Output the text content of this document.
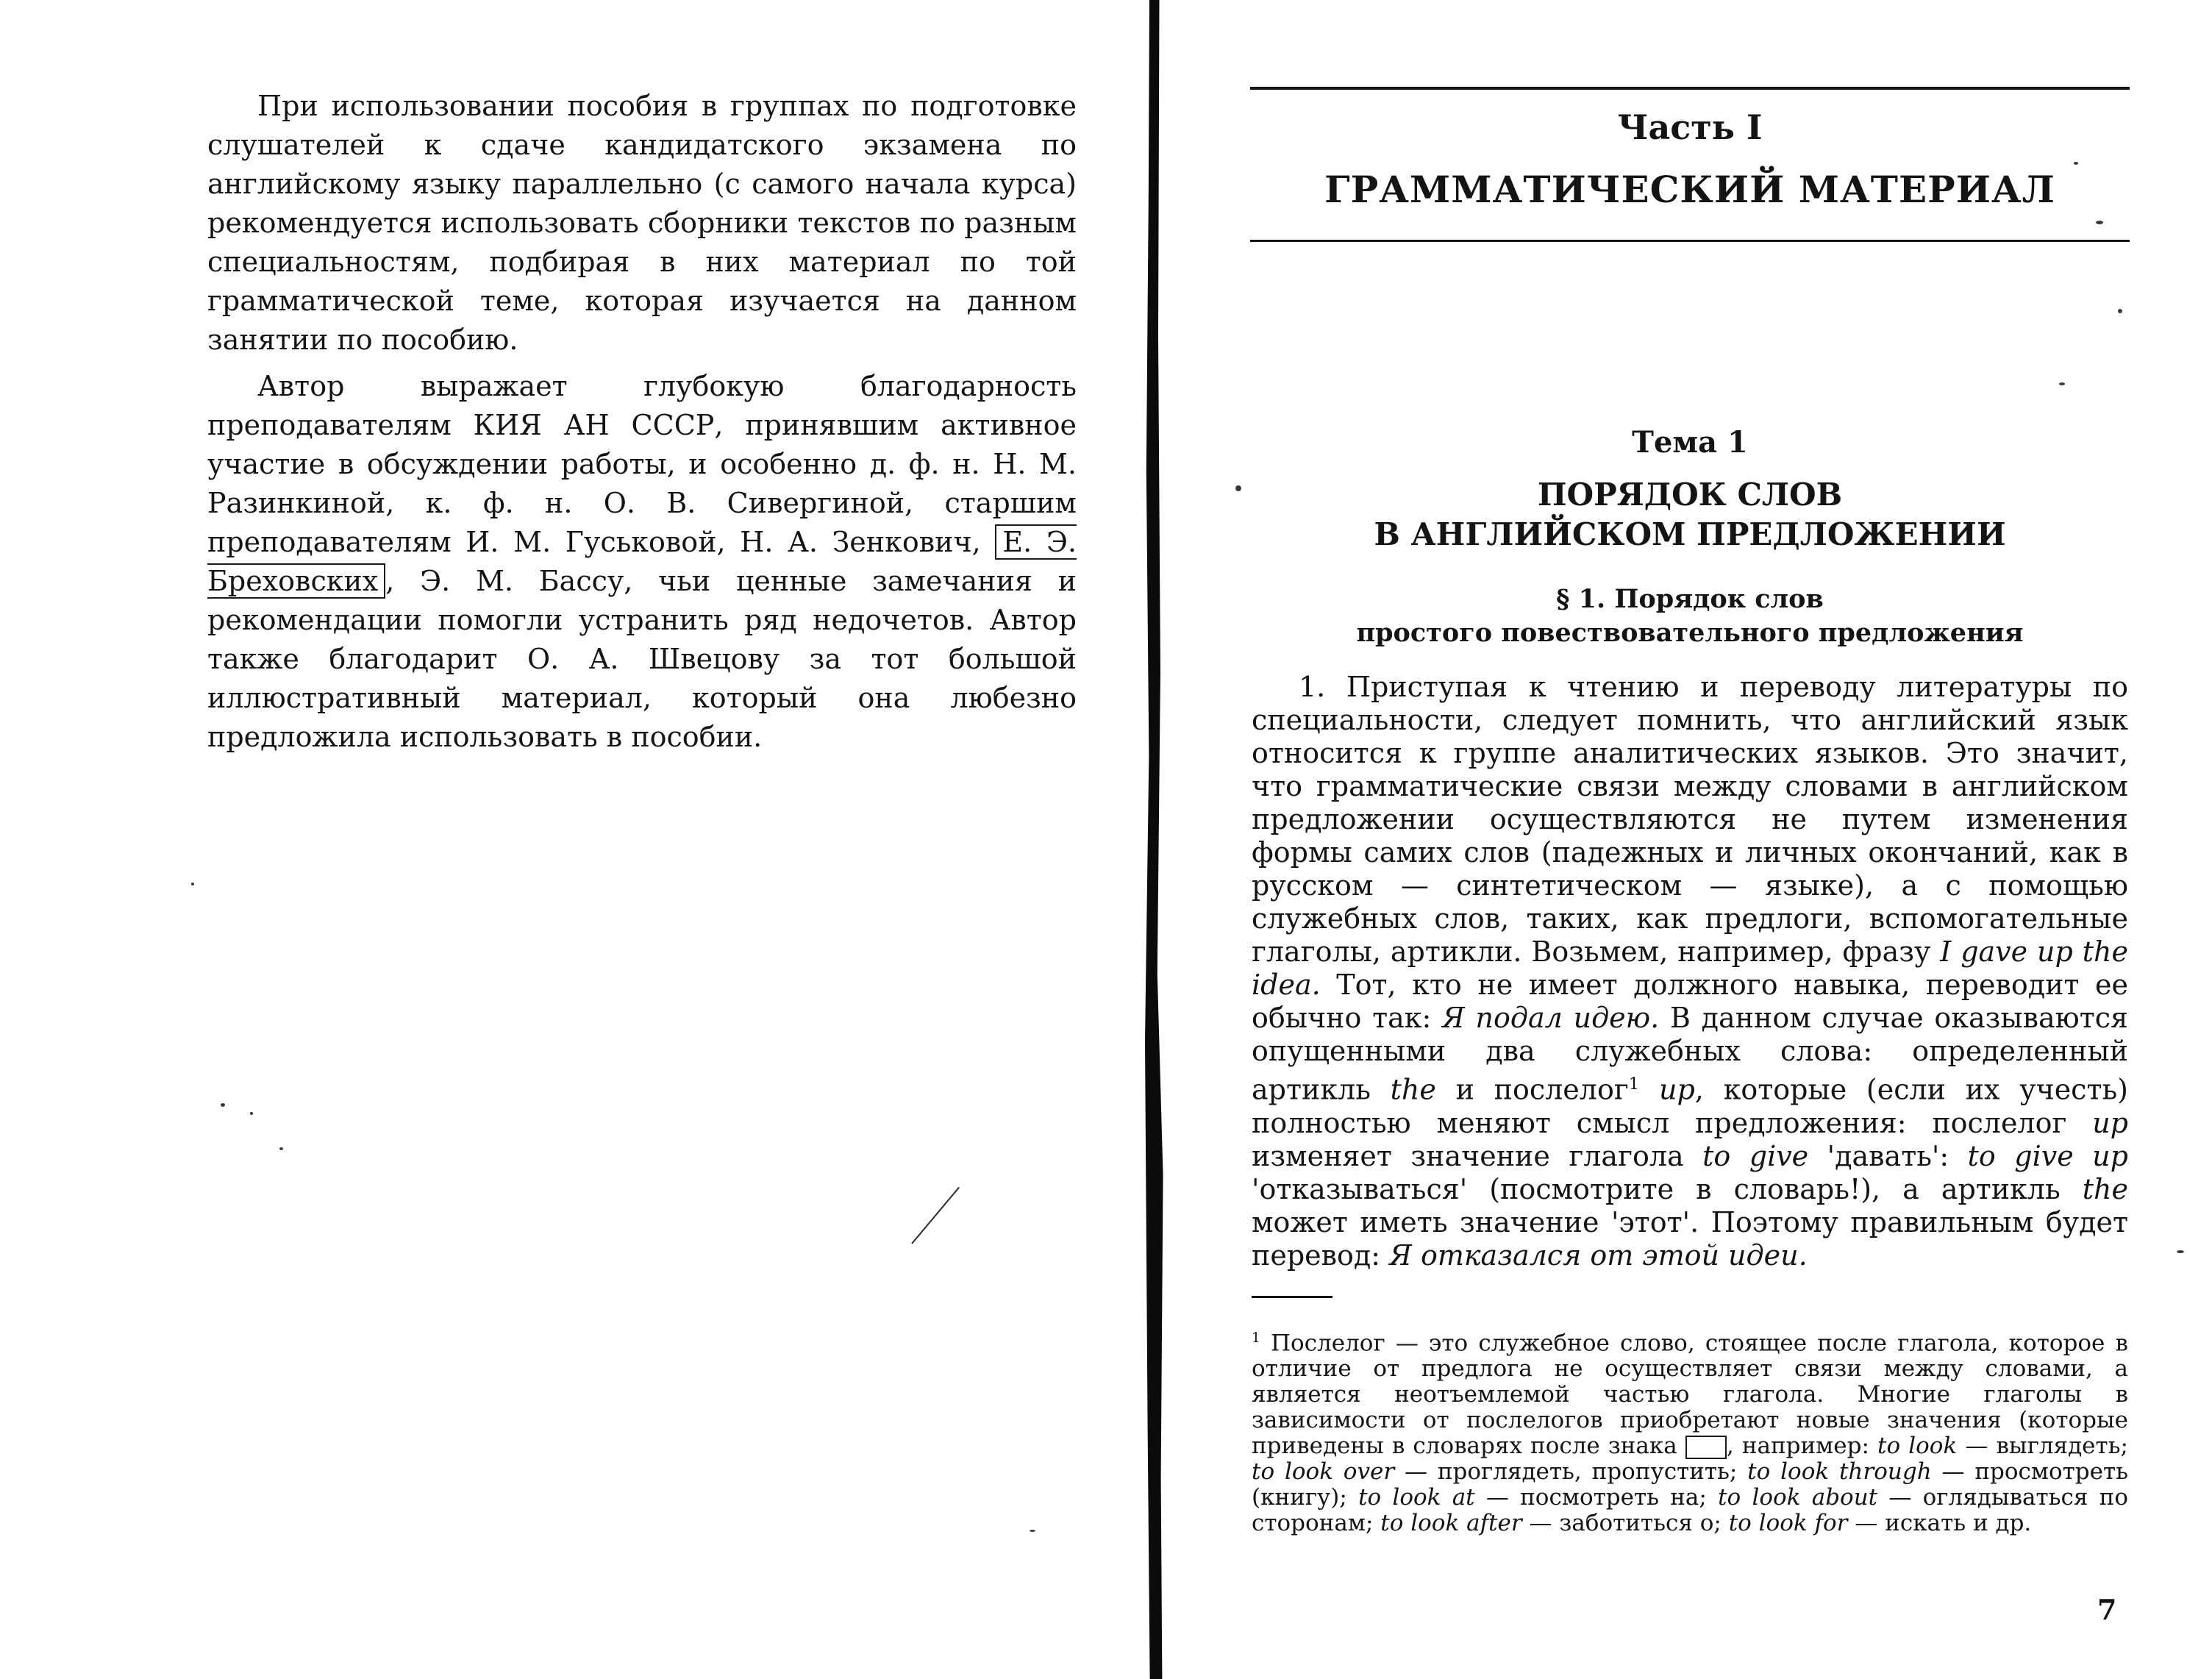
При использовании пособия в группах по подготовке слушателей к сдаче кандидатского экзамена по английскому языку параллельно (с самого начала курса) рекомендуется использовать сборники текстов по разным специальностям, подбирая в них материал по той грамматической теме, которая изучается на данном занятии по пособию.

Автор выражает глубокую благодарность преподавателям КИЯ АН СССР, принявшим активное участие в обсуждении работы, и особенно д. ф. н. Н. М. Разинкиной, к. ф. н. О. В. Сивергиной, старшим преподавателям И. М. Гуськовой, Н. А. Зенкович, Е. Э. Бреховских , Э. М. Бассу, чьи ценные замечания и рекомендации помогли устранить ряд недочетов. Автор также благодарит О. А. Швецову за тот большой иллюстративный материал, который она любезно предложила использовать в пособии.

Часть I
ГРАММАТИЧЕСКИЙ МАТЕРИАЛ
Тема 1
ПОРЯДОК СЛОВ
В АНГЛИЙСКОМ ПРЕДЛОЖЕНИИ
§ 1. Порядок слов
простого повествовательного предложения

1. Приступая к чтению и переводу литературы по специальности, следует помнить, что английский язык относится к группе аналитических языков. Это значит, что грамматические связи между словами в английском предложении осуществляются не путем изменения формы самих слов (падежных и личных окончаний, как в русском — синтетическом — языке), а с помощью служебных слов, таких, как предлоги, вспомогательные глаголы, артикли. Возьмем, например, фразу I gave up the idea. Тот, кто не имеет должного навыка, переводит ее обычно так: Я подал идею. В данном случае оказываются опущенными два служебных слова: определенный артикль the и послелог$^1$ up, которые (если их учесть) полностью меняют смысл предложения: послелог up изменяет значение глагола to give 'давать': to give up 'отказываться' (посмотрите в словарь!), а артикль the может иметь значение 'этот'. Поэтому правильным будет перевод: Я отказался от этой идеи.

$^1$ Послелог — это служебное слово, стоящее после глагола, которое в отличие от предлога не осуществляет связи между словами, а является неотъемлемой частью глагола. Многие глаголы в зависимости от послелогов приобретают новые значения (которые приведены в словарях после знака , например: to look — выглядеть; to look over — проглядеть, пропустить; to look through — просмотреть (книгу); to look at — посмотреть на; to look about — оглядываться по сторонам; to look after — заботиться о; to look for — искать и др.

7
